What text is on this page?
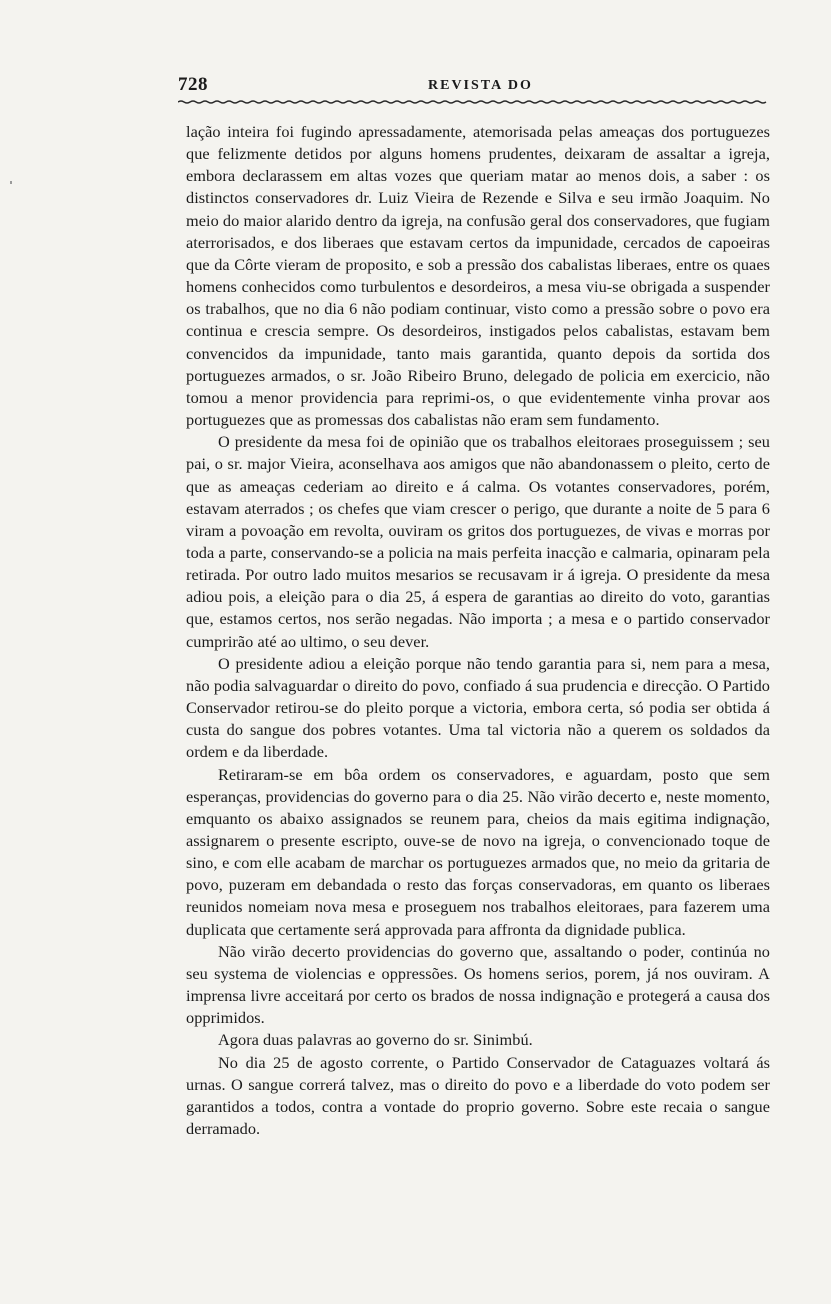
728	REVISTA DO

lação inteira foi fugindo apressadamente, atemorisada pelas ameaças dos portuguezes que felizmente detidos por alguns homens prudentes, deixaram de assaltar a igreja, embora declarassem em altas vozes que queriam matar ao menos dois, a saber : os distinctos conservadores dr. Luiz Vieira de Rezende e Silva e seu irmão Joaquim. No meio do maior alarido dentro da igreja, na confusão geral dos conservadores, que fugiam aterrorisados, e dos liberaes que estavam certos da impunidade, cercados de capoeiras que da Côrte vieram de proposito, e sob a pressão dos cabalistas liberaes, entre os quaes homens conhecidos como turbulentos e desordeiros, a mesa viu-se obrigada a suspender os trabalhos, que no dia 6 não podiam continuar, visto como a pressão sobre o povo era continua e crescia sempre. Os desordeiros, instigados pelos cabalistas, estavam bem convencidos da impunidade, tanto mais garantida, quanto depois da sortida dos portuguezes armados, o sr. João Ribeiro Bruno, delegado de policia em exercicio, não tomou a menor providencia para reprimi-os, o que evidentemente vinha provar aos portuguezes que as promessas dos cabalistas não eram sem fundamento.

O presidente da mesa foi de opinião que os trabalhos eleitoraes proseguissem ; seu pai, o sr. major Vieira, aconselhava aos amigos que não abandonassem o pleito, certo de que as ameaças cederiam ao direito e á calma. Os votantes conservadores, porém, estavam aterrados ; os chefes que viam crescer o perigo, que durante a noite de 5 para 6 viram a povoação em revolta, ouviram os gritos dos portuguezes, de vivas e morras por toda a parte, conservando-se a policia na mais perfeita inacção e calmaria, opinaram pela retirada. Por outro lado muitos mesarios se recusavam ir á igreja. O presidente da mesa adiou pois, a eleição para o dia 25, á espera de garantias ao direito do voto, garantias que, estamos certos, nos serão negadas. Não importa ; a mesa e o partido conservador cumprirão até ao ultimo, o seu dever.

O presidente adiou a eleição porque não tendo garantia para si, nem para a mesa, não podia salvaguardar o direito do povo, confiado á sua prudencia e direcção. O Partido Conservador retirou-se do pleito porque a victoria, embora certa, só podia ser obtida á custa do sangue dos pobres votantes. Uma tal victoria não a querem os soldados da ordem e da liberdade.

Retiraram-se em bôa ordem os conservadores, e aguardam, posto que sem esperanças, providencias do governo para o dia 25. Não virão decerto e, neste momento, emquanto os abaixo assignados se reunem para, cheios da mais egitima indignação, assignarem o presente escripto, ouve-se de novo na igreja, o convencionado toque de sino, e com elle acabam de marchar os portuguezes armados que, no meio da gritaria de povo, puzeram em debandada o resto das forças conservadoras, em quanto os liberaes reunidos nomeiam nova mesa e proseguem nos trabalhos eleitoraes, para fazerem uma duplicata que certamente será approvada para affronta da dignidade publica.

Não virão decerto providencias do governo que, assaltando o poder, continúa no seu systema de violencias e oppressões. Os homens serios, porem, já nos ouviram. A imprensa livre acceitará por certo os brados de nossa indignação e protegerá a causa dos opprimidos.

Agora duas palavras ao governo do sr. Sinimbú.

No dia 25 de agosto corrente, o Partido Conservador de Cataguazes voltará ás urnas. O sangue correrá talvez, mas o direito do povo e a liberdade do voto podem ser garantidos a todos, contra a vontade do proprio governo. Sobre este recaia o sangue derramado.
